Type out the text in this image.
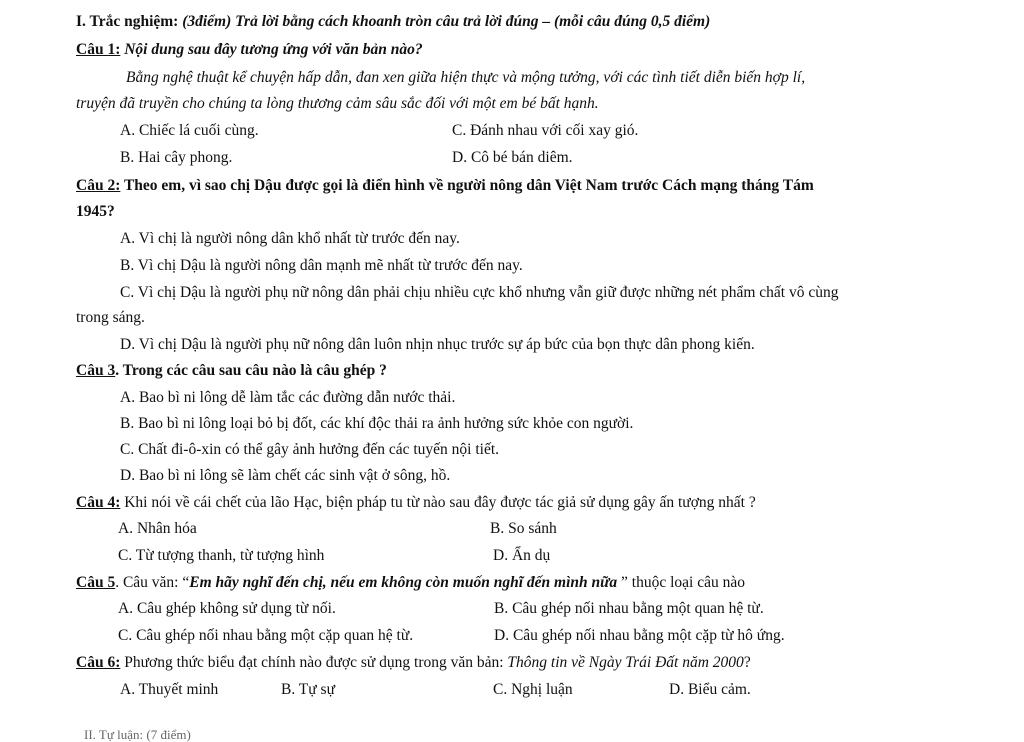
I. Trắc nghiệm: (3điểm) Trả lời bằng cách khoanh tròn câu trả lời đúng – (mỗi câu đúng 0,5 điểm)
Câu 1: Nội dung sau đây tương ứng với văn bản nào?
Bằng nghệ thuật kể chuyện hấp dẫn, đan xen giữa hiện thực và mộng tưởng, với các tình tiết diễn biến hợp lí,
truyện đã truyền cho chúng ta lòng thương cảm sâu sắc đối với một em bé bất hạnh.
A. Chiếc lá cuối cùng.	C. Đánh nhau với cối xay gió.
B. Hai cây phong.	D. Cô bé bán diêm.
Câu 2: Theo em, vì sao chị Dậu được gọi là điển hình về người nông dân Việt Nam trước Cách mạng tháng Tám
1945?
A. Vì chị là người nông dân khổ nhất từ trước đến nay.
B. Vì chị Dậu là người nông dân mạnh mẽ nhất từ trước đến nay.
C. Vì chị Dậu là người phụ nữ nông dân phải chịu nhiều cực khổ nhưng vẫn giữ được những nét phẩm chất vô cùng
trong sáng.
D. Vì chị Dậu là người phụ nữ nông dân luôn nhịn nhục trước sự áp bức của bọn thực dân phong kiến.
Câu 3. Trong các câu sau câu nào là câu ghép ?
A. Bao bì ni lông dễ làm tắc các đường dẫn nước thải.
B. Bao bì ni lông loại bỏ bị đốt, các khí độc thải ra ảnh hưởng sức khỏe con người.
C. Chất đi-ô-xin có thể gây ảnh hưởng đến các tuyến nội tiết.
D. Bao bì ni lông sẽ làm chết các sinh vật ở sông, hồ.
Câu 4: Khi nói về cái chết của lão Hạc, biện pháp tu từ nào sau đây được tác giả sử dụng gây ấn tượng nhất ?
A. Nhân hóa	B. So sánh
C. Từ tượng thanh, từ tượng hình	D. Ẩn dụ
Câu 5. Câu văn: “Em hãy nghĩ đến chị, nếu em không còn muốn nghĩ đến mình nữa ” thuộc loại câu nào
A. Câu ghép không sử dụng từ nối.	B. Câu ghép nối nhau bằng một quan hệ từ.
C. Câu ghép nối nhau bằng một cặp quan hệ từ.	D. Câu ghép nối nhau bằng một cặp từ hô ứng.
Câu 6: Phương thức biểu đạt chính nào được sử dụng trong văn bản: Thông tin về Ngày Trái Đất năm 2000?
A. Thuyết minh	B. Tự sự	C. Nghị luận	D. Biểu cảm.
II. Tự luận: (7 điểm)
